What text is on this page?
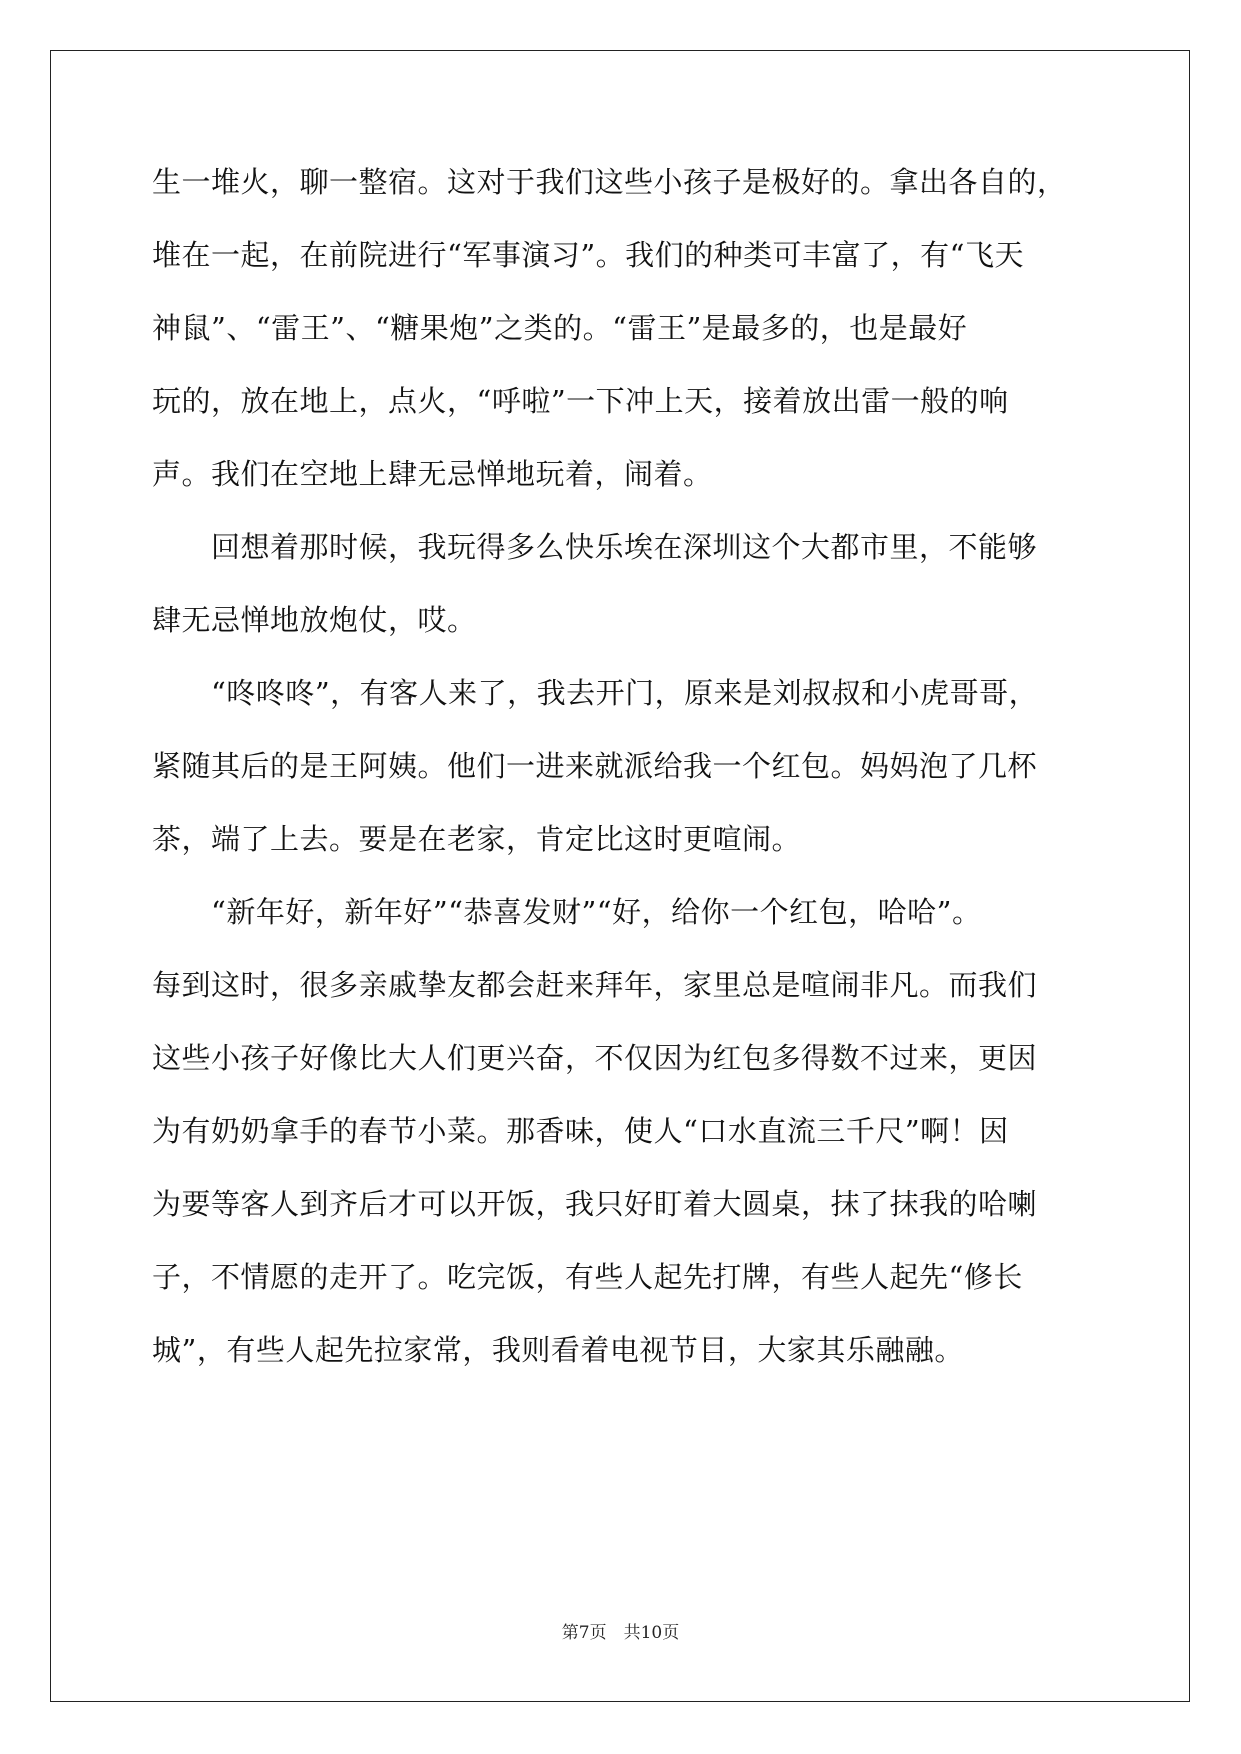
生一堆火，聊一整宿。这对于我们这些小孩子是极好的。拿出各自的，
堆在一起，在前院进行“军事演习”。我们的种类可丰富了，有“飞天
神鼠”、“雷王”、“糖果炮”之类的。“雷王”是最多的，也是最好
玩的，放在地上，点火，“呼啦”一下冲上天，接着放出雷一般的响
声。我们在空地上肆无忌惮地玩着，闹着。
　　回想着那时候，我玩得多么快乐埃在深圳这个大都市里，不能够
肆无忌惮地放炮仗，哎。
　　“咚咚咚”，有客人来了，我去开门，原来是刘叔叔和小虎哥哥，
紧随其后的是王阿姨。他们一进来就派给我一个红包。妈妈泡了几杯
茶，端了上去。要是在老家，肯定比这时更喧闹。
　　“新年好，新年好”“恭喜发财”“好，给你一个红包，哈哈”。
每到这时，很多亲戚挚友都会赶来拜年，家里总是喧闹非凡。而我们
这些小孩子好像比大人们更兴奋，不仅因为红包多得数不过来，更因
为有奶奶拿手的春节小菜。那香味，使人“口水直流三千尺”啊！因
为要等客人到齐后才可以开饭，我只好盯着大圆桌，抹了抹我的哈喇
子，不情愿的走开了。吃完饭，有些人起先打牌，有些人起先“修长
城”，有些人起先拉家常，我则看着电视节目，大家其乐融融。
第7页　共10页
